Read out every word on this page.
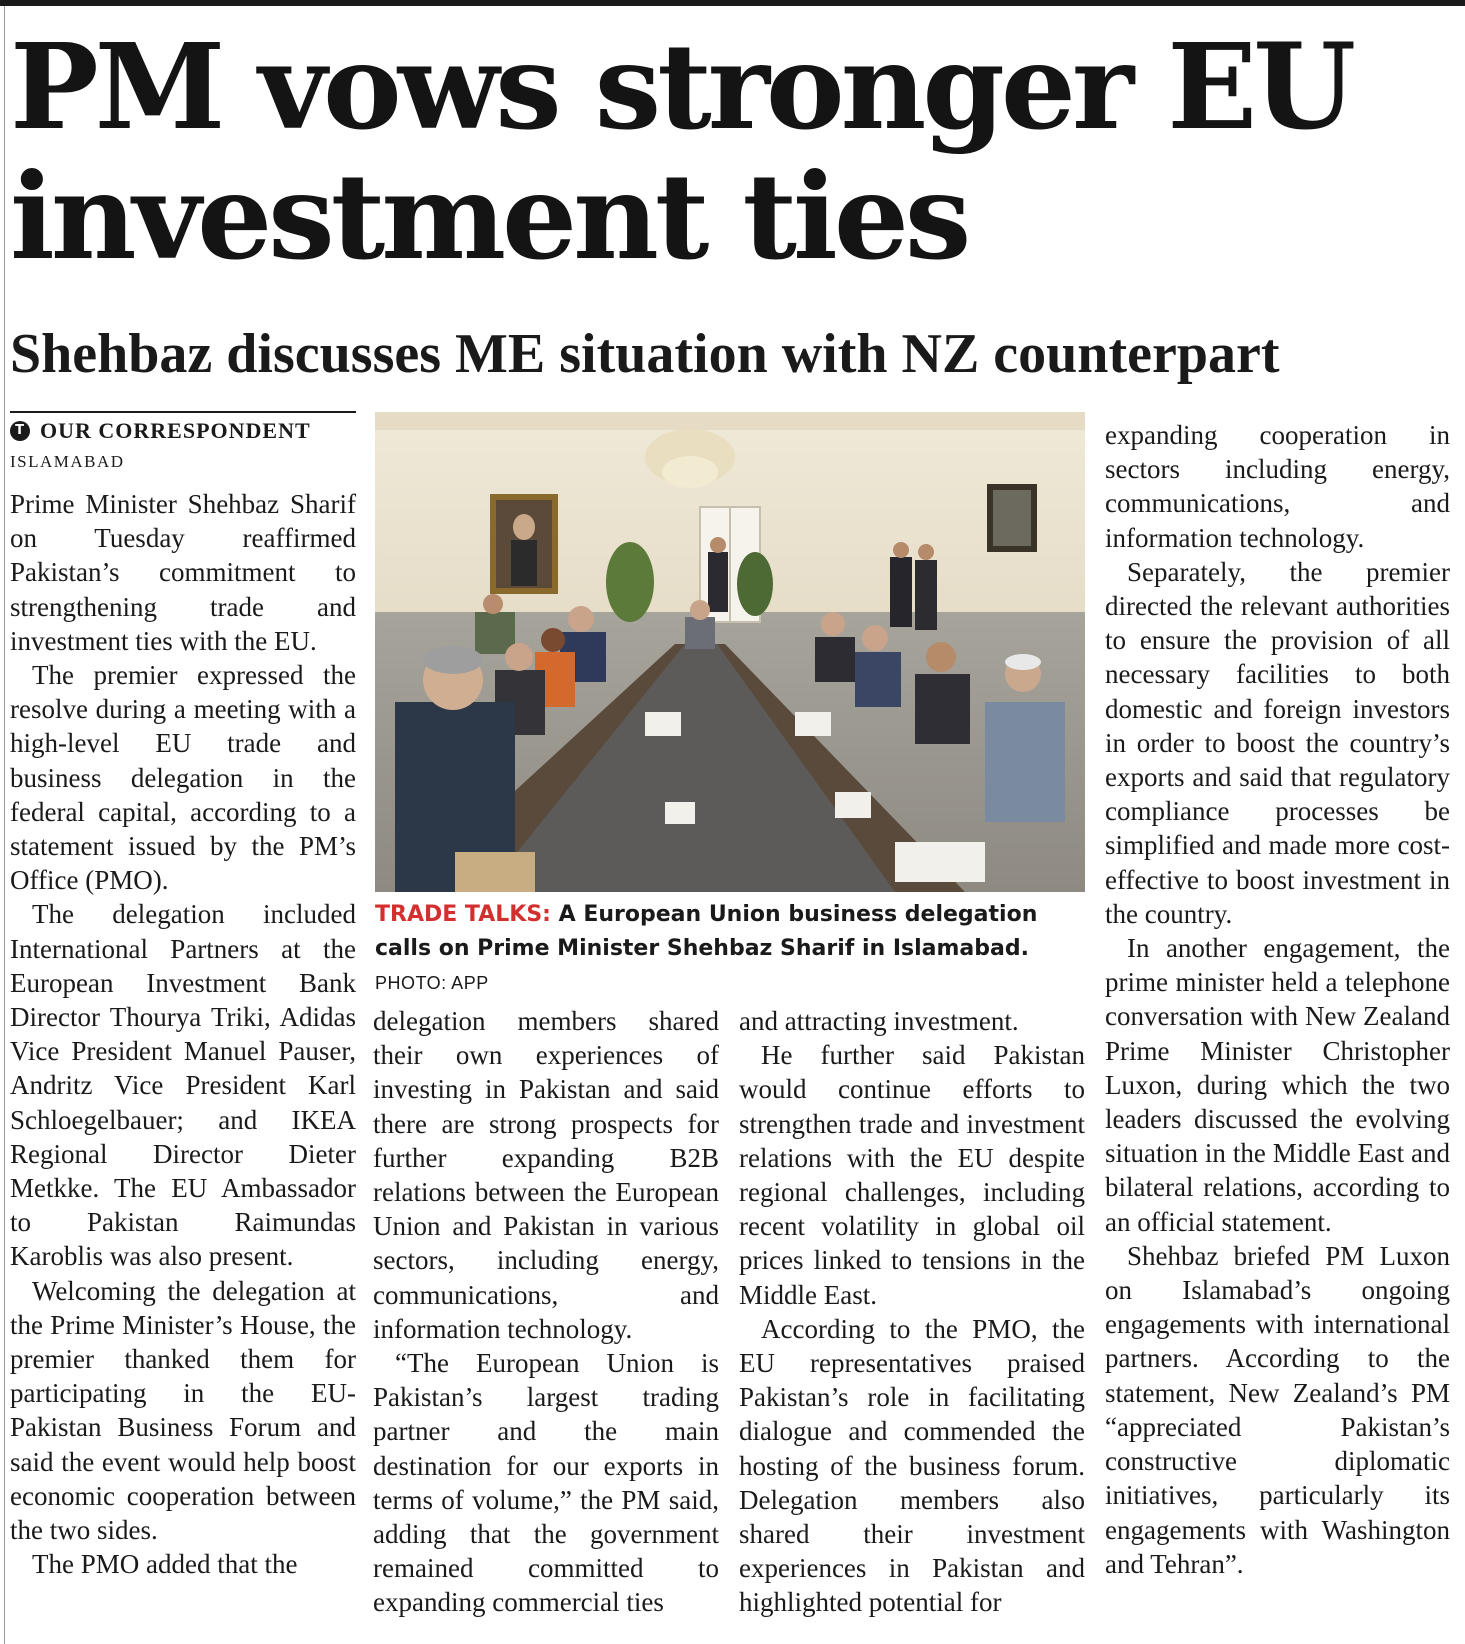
PM vows stronger EU investment ties
Shehbaz discusses ME situation with NZ counterpart
T OUR CORRESPONDENT
ISLAMABAD

Prime Minister Shehbaz Sharif on Tuesday reaffirmed Pakistan’s commitment to strengthening trade and investment ties with the EU.

The premier expressed the resolve during a meeting with a high-level EU trade and business delegation in the federal capital, according to a statement issued by the PM’s Office (PMO).

The delegation included International Partners at the European Investment Bank Director Thourya Triki, Adidas Vice President Manuel Pauser, Andritz Vice President Karl Schloegelbauer; and IKEA Regional Director Dieter Metkke. The EU Ambassador to Pakistan Raimundas Karoblis was also present.

Welcoming the delegation at the Prime Minister’s House, the premier thanked them for participating in the EU-Pakistan Business Forum and said the event would help boost economic cooperation between the two sides.

The PMO added that the

TRADE TALKS: A European Union business delegation calls on Prime Minister Shehbaz Sharif in Islamabad. PHOTO: APP

delegation members shared their own experiences of investing in Pakistan and said there are strong prospects for further expanding B2B relations between the European Union and Pakistan in various sectors, including energy, communications, and information technology.

“The European Union is Pakistan’s largest trading partner and the main destination for our exports in terms of volume,” the PM said, adding that the government remained committed to expanding commercial ties

and attracting investment.

He further said Pakistan would continue efforts to strengthen trade and investment relations with the EU despite regional challenges, including recent volatility in global oil prices linked to tensions in the Middle East.

According to the PMO, the EU representatives praised Pakistan’s role in facilitating dialogue and commended the hosting of the business forum. Delegation members also shared their investment experiences in Pakistan and highlighted potential for

expanding cooperation in sectors including energy, communications, and information technology.

Separately, the premier directed the relevant authorities to ensure the provision of all necessary facilities to both domestic and foreign investors in order to boost the country’s exports and said that regulatory compliance processes be simplified and made more cost-effective to boost investment in the country.

In another engagement, the prime minister held a telephone conversation with New Zealand Prime Minister Christopher Luxon, during which the two leaders discussed the evolving situation in the Middle East and bilateral relations, according to an official statement.

Shehbaz briefed PM Luxon on Islamabad’s ongoing engagements with international partners. According to the statement, New Zealand’s PM “appreciated Pakistan’s constructive diplomatic initiatives, particularly its engagements with Washington and Tehran”.
